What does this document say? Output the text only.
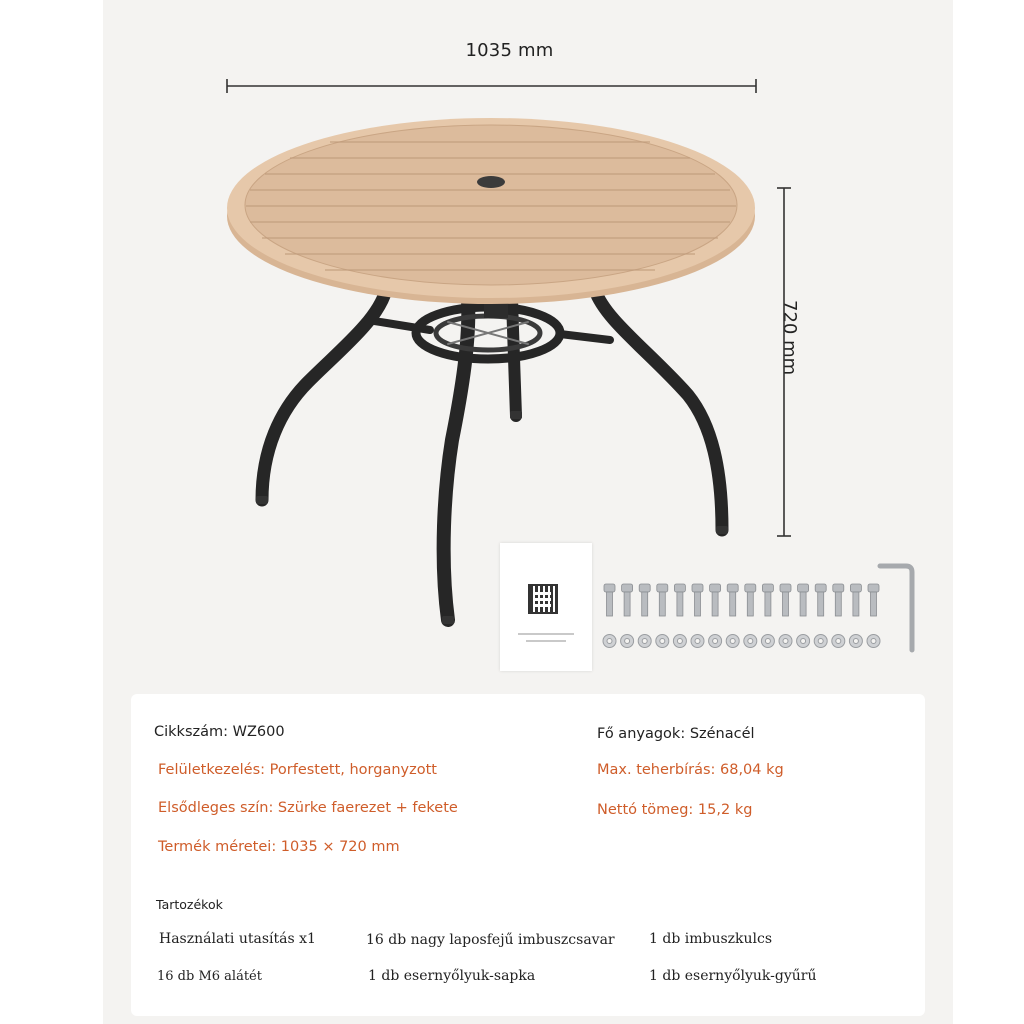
1035 mm
720 mm
Cikkszám: WZ600
Felületkezelés: Porfestett, horganyzott
Elsődleges szín: Szürke faerezet + fekete
Termék méretei: 1035 × 720 mm
Fő anyagok: Szénacél
Max. teherbírás: 68,04 kg
Nettó tömeg: 15,2 kg
Tartozékok
Használati utasítás x1	16 db nagy laposfejű imbuszcsavar 1 db imbuszkulcs
16 db M6 alátét	1 db esernyőlyuk-sapka	1 db esernyőlyuk-gyűrű
